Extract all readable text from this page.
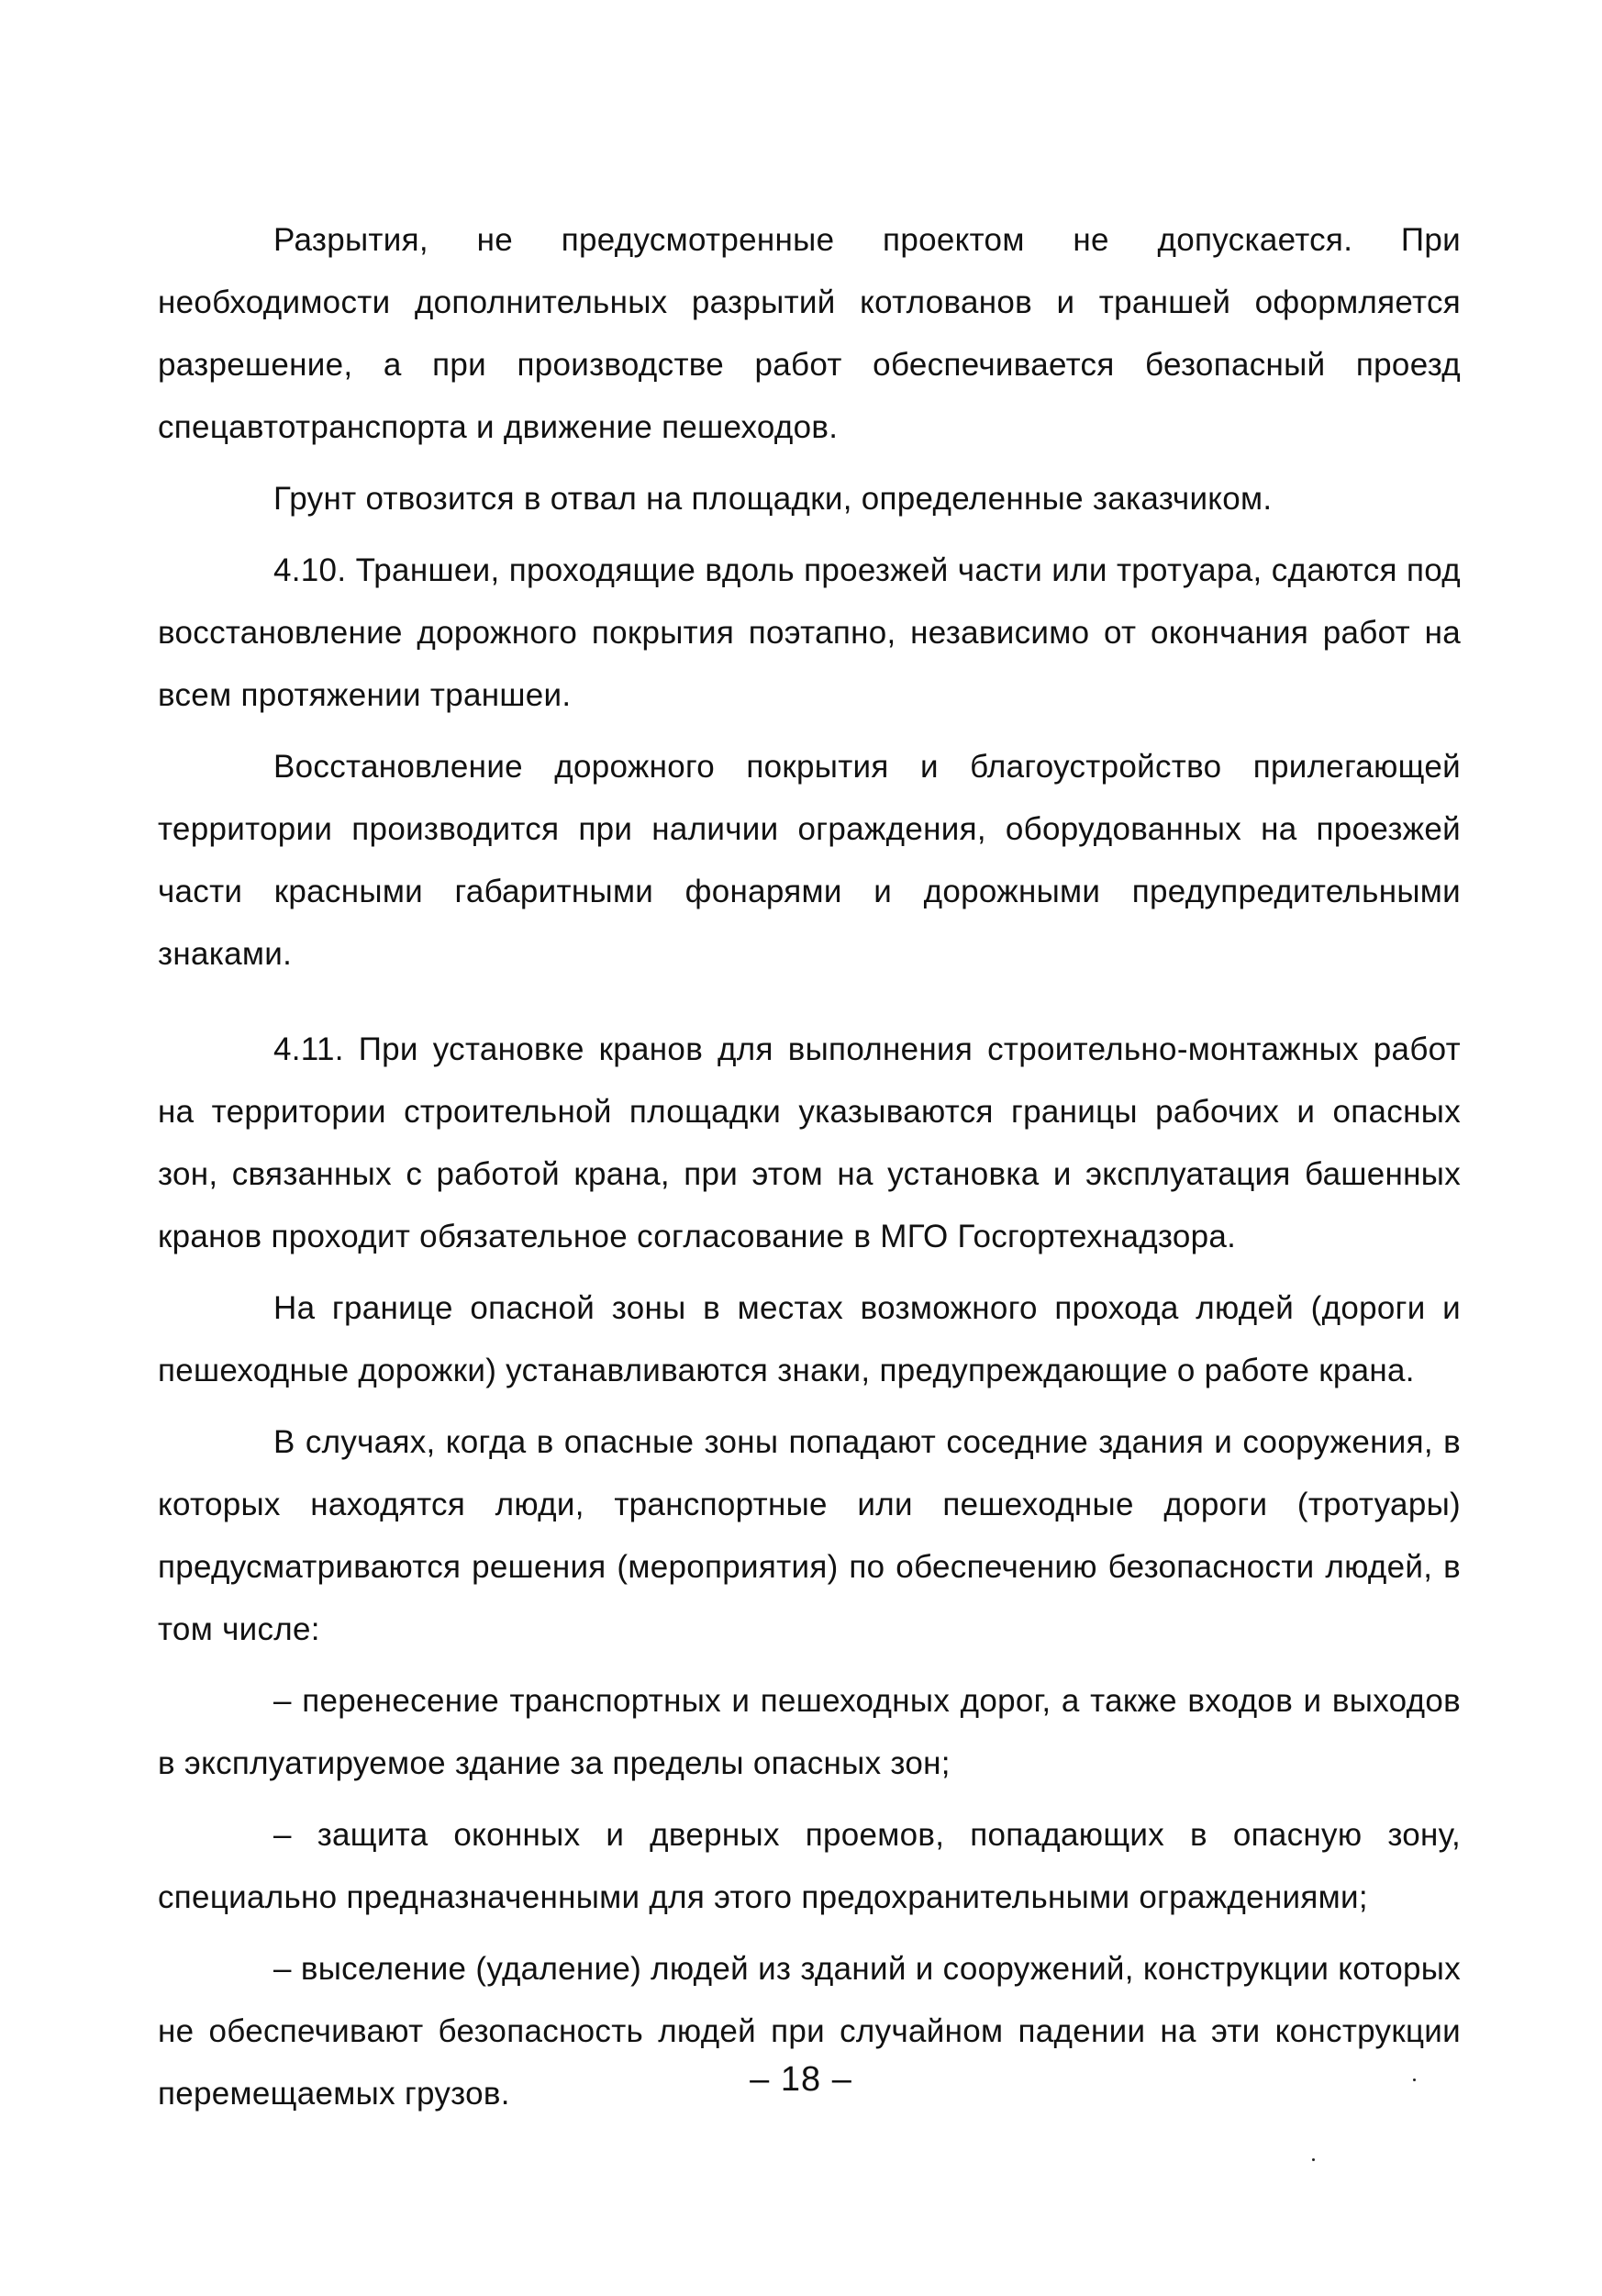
Разрытия, не предусмотренные проектом не допускается. При необходимости дополнительных разрытий котлованов и траншей оформляется разрешение, а при производстве работ обеспечивается безопасный проезд спецавтотранспорта и движение пешеходов.

Грунт отвозится в отвал на площадки, определенные заказчиком.

4.10. Траншеи, проходящие вдоль проезжей части или тротуара, сдаются под восстановление дорожного покрытия поэтапно, независимо от окончания работ на всем протяжении траншеи.

Восстановление дорожного покрытия и благоустройство прилегающей территории производится при наличии ограждения, оборудованных на проезжей части красными габаритными фонарями и дорожными предупредительными знаками.

4.11. При установке кранов для выполнения строительно-монтажных работ на территории строительной площадки указываются границы рабочих и опасных зон, связанных с работой крана, при этом на установка и эксплуатация башенных кранов проходит обязательное согласование в МГО Госгортехнадзора.

На границе опасной зоны в местах возможного прохода людей (дороги и пешеходные дорожки) устанавливаются знаки, предупреждающие о работе крана.

В случаях, когда в опасные зоны попадают соседние здания и сооружения, в которых находятся люди, транспортные или пешеходные дороги (тротуары) предусматриваются решения (мероприятия) по обеспечению безопасности людей, в том числе:

– перенесение транспортных и пешеходных дорог, а также входов и выходов в эксплуатируемое здание за пределы опасных зон;

– защита оконных и дверных проемов, попадающих в опасную зону, специально предназначенными для этого предохранительными ограждениями;

– выселение (удаление) людей из зданий и сооружений, конструкции которых не обеспечивают безопасность людей при случайном падении на эти конструкции перемещаемых грузов.	– 18 –
